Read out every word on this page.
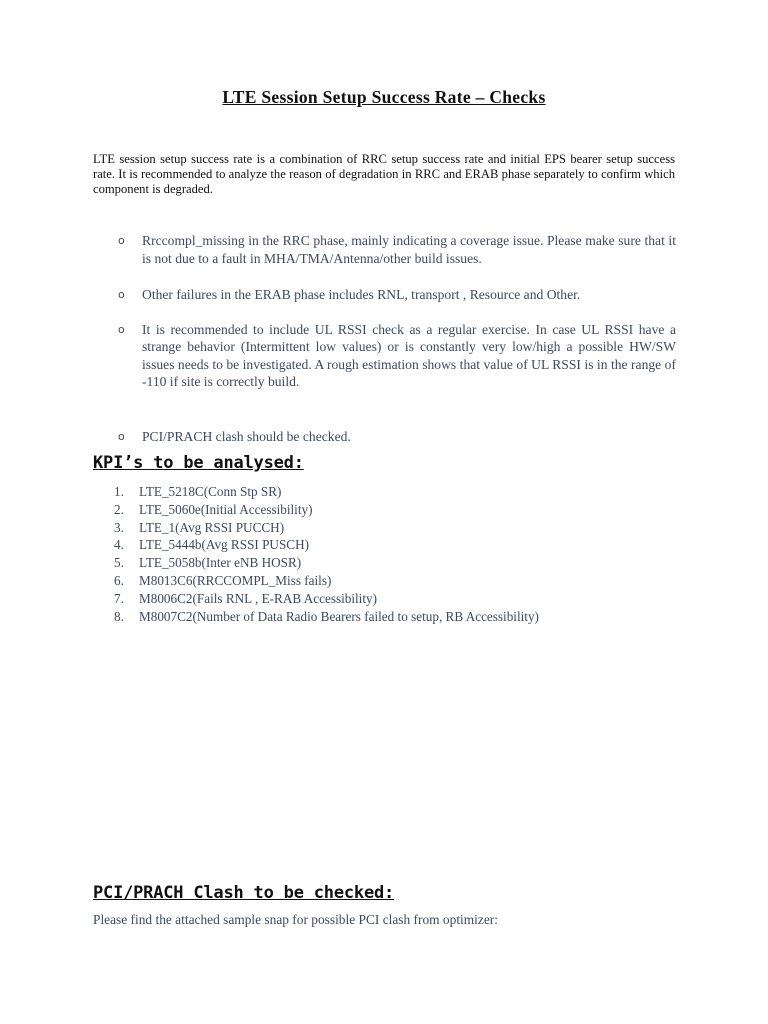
LTE Session Setup Success Rate – Checks
LTE session setup success rate is a combination of RRC setup success rate and initial EPS bearer setup success rate. It is recommended to analyze the reason of degradation in RRC and ERAB phase separately to confirm which component is degraded.
o Rrccompl_missing in the RRC phase, mainly indicating a coverage issue. Please make sure that it is not due to a fault in MHA/TMA/Antenna/other build issues.
o Other failures in the ERAB phase includes RNL, transport , Resource and Other.
o It is recommended to include UL RSSI check as a regular exercise. In case UL RSSI have a strange behavior (Intermittent low values) or is constantly very low/high a possible HW/SW issues needs to be investigated. A rough estimation shows that value of UL RSSI is in the range of -110 if site is correctly build.
o PCI/PRACH clash should be checked.
KPI’s to be analysed:
1. LTE_5218C(Conn Stp SR)
2. LTE_5060e(Initial Accessibility)
3. LTE_1(Avg RSSI PUCCH)
4. LTE_5444b(Avg RSSI PUSCH)
5. LTE_5058b(Inter eNB HOSR)
6. M8013C6(RRCCOMPL_Miss fails)
7. M8006C2(Fails RNL , E-RAB Accessibility)
8. M8007C2(Number of Data Radio Bearers failed to setup, RB Accessibility)
PCI/PRACH Clash to be checked:
Please find the attached sample snap for possible PCI clash from optimizer:
